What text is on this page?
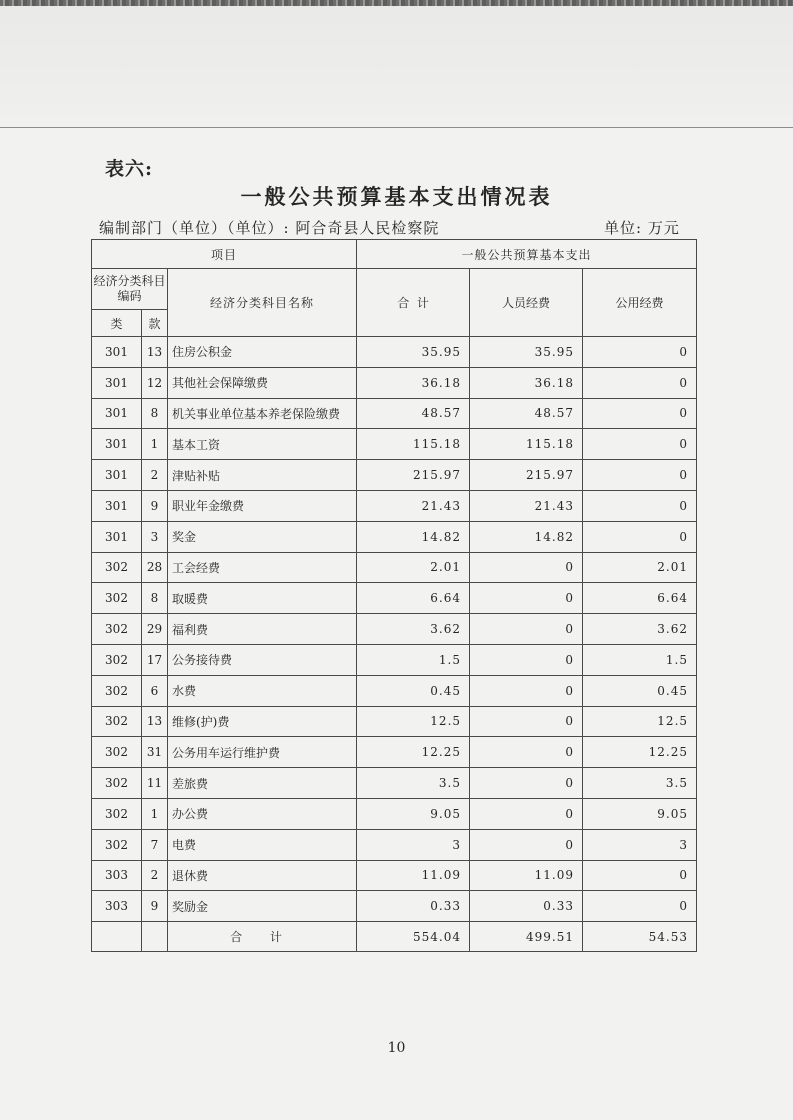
表六:
一般公共预算基本支出情况表
编制部门（单位）（单位）: 阿合奇县人民检察院	单位: 万元
项目			一般公共预算基本支出		
经济分类科目编码		经济分类科目名称	合  计	人员经费	公用经费
类	款				
301	13	住房公积金	35.95	35.95	0
301	12	其他社会保障缴费	36.18	36.18	0
301	8	机关事业单位基本养老保险缴费	48.57	48.57	0
301	1	基本工资	115.18	115.18	0
301	2	津贴补贴	215.97	215.97	0
301	9	职业年金缴费	21.43	21.43	0
301	3	奖金	14.82	14.82	0
302	28	工会经费	2.01	0	2.01
302	8	取暖费	6.64	0	6.64
302	29	福利费	3.62	0	3.62
302	17	公务接待费	1.5	0	1.5
302	6	水费	0.45	0	0.45
302	13	维修(护)费	12.5	0	12.5
302	31	公务用车运行维护费	12.25	0	12.25
302	11	差旅费	3.5	0	3.5
302	1	办公费	9.05	0	9.05
302	7	电费	3	0	3
303	2	退休费	11.09	11.09	0
303	9	奖励金	0.33	0.33	0
		合 计	554.04	499.51	54.53
10
